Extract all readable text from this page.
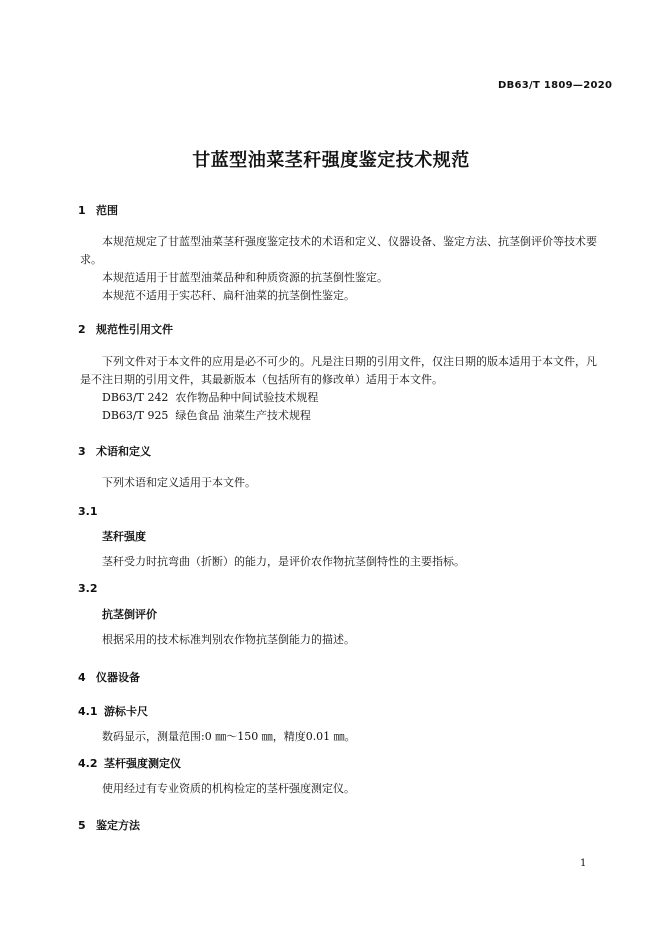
DB63/T 1809—2020
甘蓝型油菜茎秆强度鉴定技术规范
1 范围
本规范规定了甘蓝型油菜茎秆强度鉴定技术的术语和定义、仪器设备、鉴定方法、抗茎倒评价等技术要求。
本规范适用于甘蓝型油菜品种和种质资源的抗茎倒性鉴定。
本规范不适用于实芯秆、扁秆油菜的抗茎倒性鉴定。
2 规范性引用文件
下列文件对于本文件的应用是必不可少的。凡是注日期的引用文件，仅注日期的版本适用于本文件，凡是不注日期的引用文件，其最新版本（包括所有的修改单）适用于本文件。
DB63/T 242  农作物品种中间试验技术规程
DB63/T 925  绿色食品 油菜生产技术规程
3 术语和定义
下列术语和定义适用于本文件。
3.1
茎秆强度
茎秆受力时抗弯曲（折断）的能力，是评价农作物抗茎倒特性的主要指标。
3.2
抗茎倒评价
根据采用的技术标准判别农作物抗茎倒能力的描述。
4 仪器设备
4.1 游标卡尺
数码显示，测量范围:0 ㎜～150 ㎜，精度0.01 ㎜。
4.2 茎杆强度测定仪
使用经过有专业资质的机构检定的茎杆强度测定仪。
5 鉴定方法
1
